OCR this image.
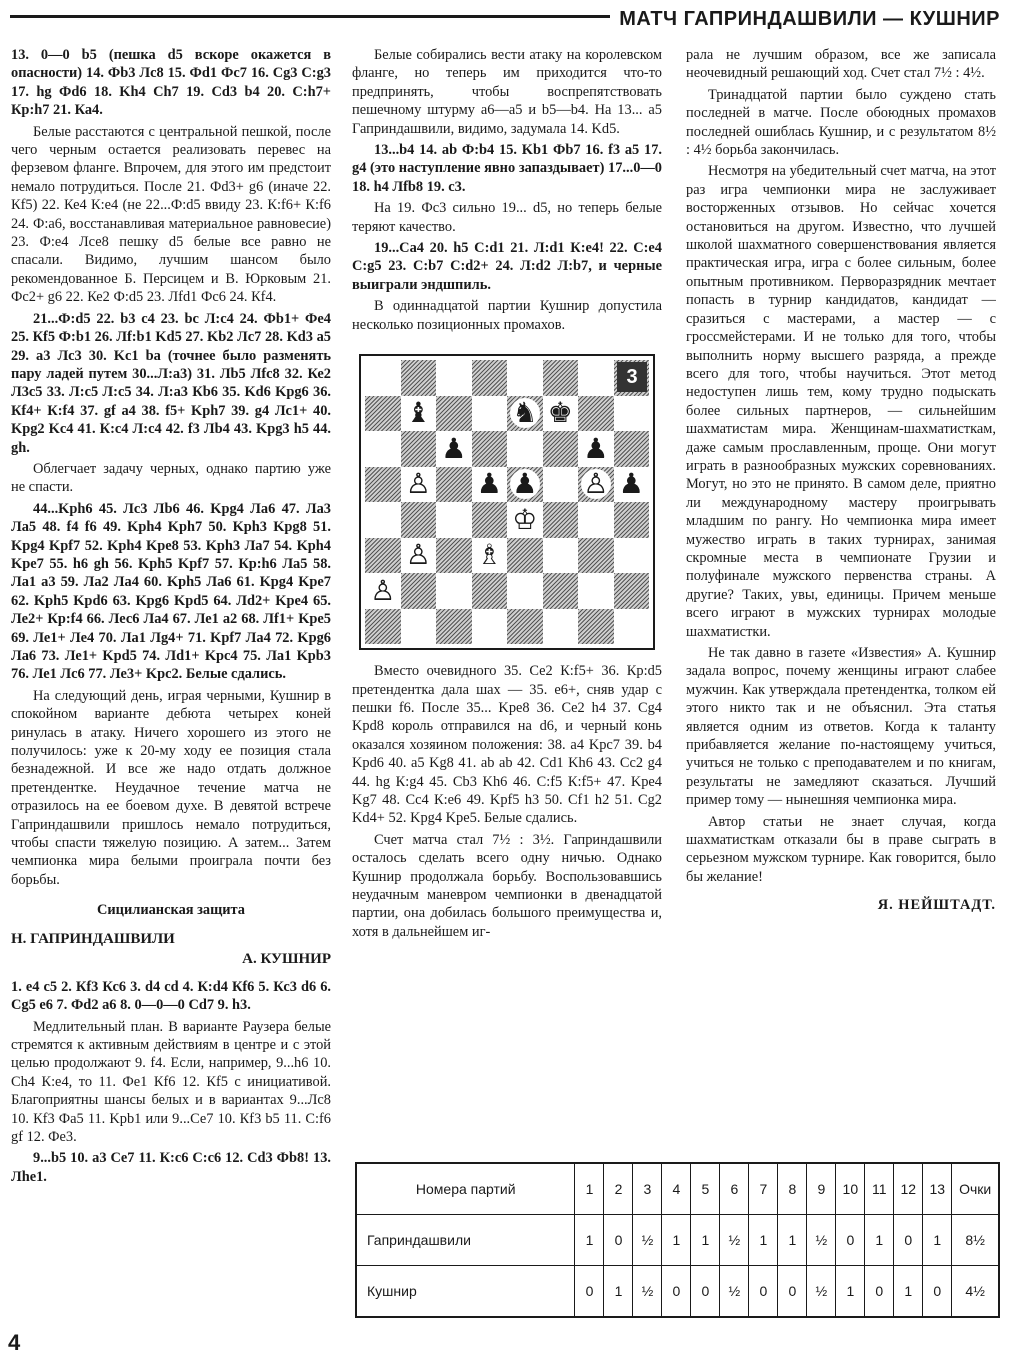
МАТЧ ГАПРИНДАШВИЛИ — КУШНИР

13. 0—0 b5 (пешка d5 вскоре окажется в опасности) 14. Фb3 Лс8 15. Фd1 Фс7 16. Cg3 С:g3 17. hg Фd6 18. Kh4 Ch7 19. Cd3 b4 20. С:h7+ Кр:h7 21. Ка4.

Белые расстаются с центральной пешкой, после чего черным остается реализовать перевес на ферзевом фланге. Впрочем, для этого им предстоит немало потрудиться. После 21. Фd3+ g6 (иначе 22. Кf5) 22. Ке4 К:е4 (не 22...Ф:d5 ввиду 23. К:f6+ К:f6 24. Ф:а6, восстанавливая материальное равновесие) 23. Ф:е4 Лсе8 пешку d5 белые все равно не спасали. Видимо, лучшим шансом было рекомендованное Б. Персицем и В. Юрковым 21. Фс2+ g6 22. Ке2 Ф:d5 23. Лfd1 Фс6 24. Кf4.

21...Ф:d5 22. b3 c4 23. bc Л:с4 24. Фb1+ Фе4 25. Кf5 Ф:b1 26. Лf:b1 Kd5 27. Kb2 Лс7 28. Kd3 a5 29. a3 Лс3 30. Kc1 ba (точнее было разменять пару ладей путем 30...Л:а3) 31. Лb5 Лfс8 32. Ке2 Л3с5 33. Л:с5 Л:с5 34. Л:а3 Кb6 35. Kd6 Kpg6 36. Кf4+ К:f4 37. gf a4 38. f5+ Kph7 39. g4 Лс1+ 40. Kpg2 Kc4 41. К:с4 Л:с4 42. f3 Лb4 43. Kpg3 h5 44. gh.

Облегчает задачу черных, однако партию уже не спасти.

44...Kph6 45. Лс3 Лb6 46. Kpg4 Ла6 47. Ла3 Ла5 48. f4 f6 49. Kph4 Kph7 50. Kph3 Kpg8 51. Kpg4 Kpf7 52. Kph4 Kpe8 53. Kph3 Ла7 54. Kph4 Kpe7 55. h6 gh 56. Kph5 Kpf7 57. Кр:h6 Ла5 58. Ла1 а3 59. Ла2 Ла4 60. Kph5 Ла6 61. Kpg4 Kpe7 62. Kph5 Kpd6 63. Kpg6 Kpd5 64. Лd2+ Kpe4 65. Ле2+ Кр:f4 66. Лес6 Ла4 67. Ле1 а2 68. Лf1+ Kpe5 69. Ле1+ Ле4 70. Ла1 Лg4+ 71. Kpf7 Ла4 72. Kpg6 Ла6 73. Ле1+ Kpd5 74. Лd1+ Kpc4 75. Ла1 Kpb3 76. Ле1 Лс6 77. Ле3+ Kpc2. Белые сдались.

На следующий день, играя черными, Кушнир в спокойном варианте дебюта четырех коней ринулась в атаку. Ничего хорошего из этого не получилось: уже к 20-му ходу ее позиция стала безнадежной. И все же надо отдать должное претендентке. Неудачное течение матча не отразилось на ее боевом духе. В девятой встрече Гаприндашвили пришлось немало потрудиться, чтобы спасти тяжелую позицию. А затем... Затем чемпионка мира белыми проиграла почти без борьбы.

Сицилианская защита

Н. ГАПРИНДАШВИЛИ
А. КУШНИР

1. е4 с5 2. Кf3 Кс6 3. d4 cd 4. К:d4 Кf6 5. Кс3 d6 6. Cg5 e6 7. Фd2 а6 8. 0—0—0 Cd7 9. h3.

Медлительный план. В варианте Раузера белые стремятся к активным действиям в центре и с этой целью продолжают 9. f4. Если, например, 9...h6 10. Ch4 К:е4, то 11. Фе1 Кf6 12. Кf5 с инициативой. Благоприятны шансы белых и в вариантах 9...Лс8 10. Кf3 Фа5 11. Kpb1 или 9...Се7 10. Кf3 b5 11. С:f6 gf 12. Фе3.

9...b5 10. a3 Ce7 11. К:с6 С:с6 12. Cd3 Фb8! 13. Лhe1.

Белые собирались вести атаку на королевском фланге, но теперь им приходится что-то предпринять, чтобы воспрепятствовать пешечному штурму а6—а5 и b5—b4. На 13... а5 Гаприндашвили, видимо, задумала 14. Kd5.

13...b4 14. ab Ф:b4 15. Kb1 Фb7 16. f3 a5 17. g4 (это наступление явно запаздывает) 17...0—0 18. h4 Лfb8 19. c3.

На 19. Фс3 сильно 19... d5, но теперь белые теряют качество.

19...Са4 20. h5 С:d1 21. Л:d1 К:е4! 22. С:е4 С:g5 23. С:b7 С:d2+ 24. Л:d2 Л:b7, и черные выиграли эндшпиль.

В одиннадцатой партии Кушнир допустила несколько позиционных промахов.

3
♝	♞ ♚
♟	♟
♙ ♟ ♟ ♙ ♟
♔
♙ ♗
♙

Вместо очевидного 35. Се2 К:f5+ 36. Кр:d5 претендентка дала шах — 35. е6+, сняв удар с пешки f6. После 35... Kpe8 36. Ce2 h4 37. Cg4 Kpd8 король отправился на d6, и черный конь оказался хозяином положения: 38. а4 Kpc7 39. b4 Kpd6 40. а5 Kg8 41. ab ab 42. Cd1 Kh6 43. Cc2 g4 44. hg К:g4 45. Cb3 Kh6 46. С:f5 К:f5+ 47. Kpe4 Kg7 48. Cc4 К:е6 49. Kpf5 h3 50. Cf1 h2 51. Cg2 Kd4+ 52. Kpg4 Kpe5. Белые сдались.

Счет матча стал 7½ : 3½. Гаприндашвили осталось сделать всего одну ничью. Однако Кушнир продолжала борьбу. Воспользовавшись неудачным маневром чемпионки в двенадцатой партии, она добилась большого преимущества и, хотя в дальнейшем иг-

рала не лучшим образом, все же записала неочевидный решающий ход. Счет стал 7½ : 4½.

Тринадцатой партии было суждено стать последней в матче. После обоюдных промахов последней ошиблась Кушнир, и с результатом 8½ : 4½ борьба закончилась.

Несмотря на убедительный счет матча, на этот раз игра чемпионки мира не заслуживает восторженных отзывов. Но сейчас хочется остановиться на другом. Известно, что лучшей школой шахматного совершенствования является практическая игра, игра с более сильным, более опытным противником. Перворазрядник мечтает попасть в турнир кандидатов, кандидат — сразиться с мастерами, а мастер — с гроссмейстерами. И не только для того, чтобы выполнить норму высшего разряда, а прежде всего для того, чтобы научиться. Этот метод недоступен лишь тем, кому трудно подыскать более сильных партнеров, — сильнейшим шахматистам мира. Женщинам-шахматисткам, даже самым прославленным, проще. Они могут играть в разнообразных мужских соревнованиях. Могут, но это не принято. В самом деле, приятно ли международному мастеру проигрывать младшим по рангу. Но чемпионка мира имеет мужество играть в таких турнирах, занимая скромные места в чемпионате Грузии и полуфинале мужского первенства страны. А другие? Таких, увы, единицы. Причем меньше всего играют в мужских турнирах молодые шахматистки.

Не так давно в газете «Известия» А. Кушнир задала вопрос, почему женщины играют слабее мужчин. Как утверждала претендентка, толком ей этого никто так и не объяснил. Эта статья является одним из ответов. Когда к таланту прибавляется желание по-настоящему учиться, учиться не только с преподавателем и по книгам, результаты не замедляют сказаться. Лучший пример тому — нынешняя чемпионка мира.

Автор статьи не знает случая, когда шахматисткам отказали бы в праве сыграть в серьезном мужском турнире. Как говорится, было бы желание!

Я. НЕЙШТАДТ.

Номера партий	1	2	3	4	5	6	7	8	9	10	11	12	13	Очки
Гаприндашвили	1	0	½	1	1	½	1	1	½	0	1	0	1	8½
Кушнир	0	1	½	0	0	½	0	0	½	1	0	1	0	4½
4
